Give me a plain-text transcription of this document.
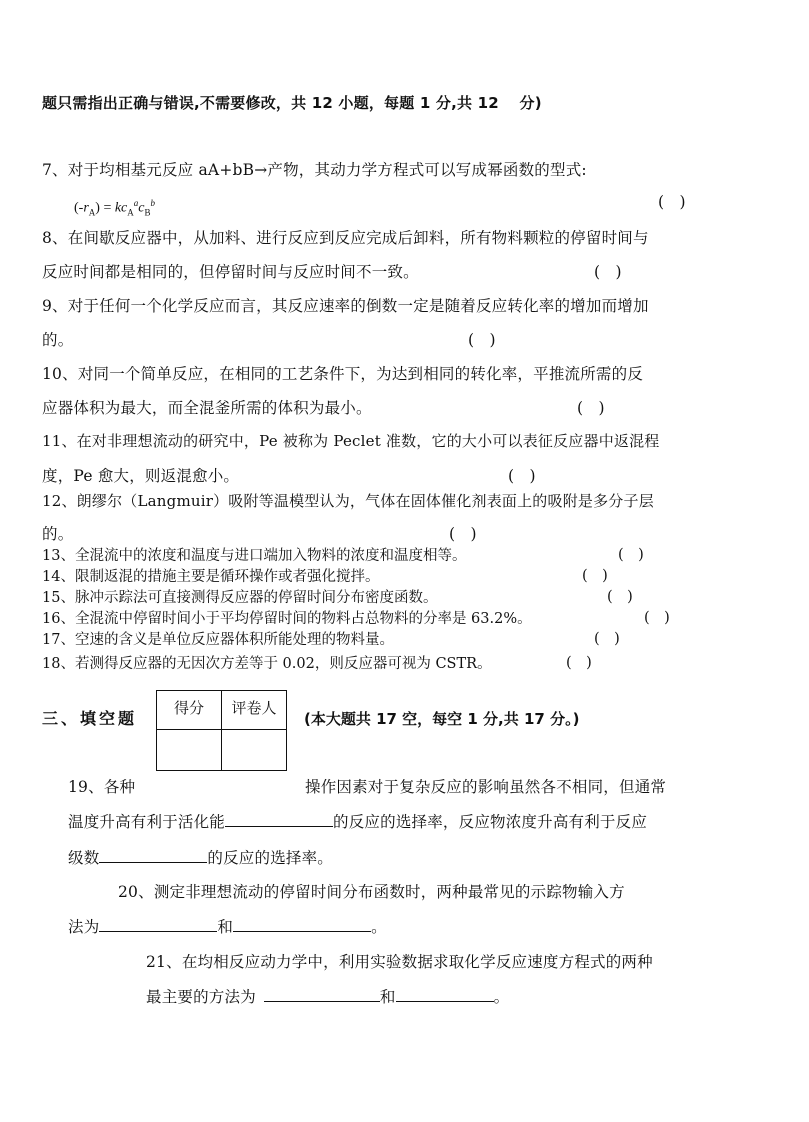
题只需指出正确与错误,不需要修改，共 12 小题，每题 1 分,共 12　 分)
7、对于均相基元反应 aA+bB→产物，其动力学方程式可以写成幂函数的型式:
$(-r_A) = kc_A^ac_B^b$	(　)
8、在间歇反应器中，从加料、进行反应到反应完成后卸料，所有物料颗粒的停留时间与
反应时间都是相同的，但停留时间与反应时间不一致。	(　)
9、对于任何一个化学反应而言，其反应速率的倒数一定是随着反应转化率的增加而增加
的。	(　)
10、对同一个简单反应，在相同的工艺条件下，为达到相同的转化率，平推流所需的反
应器体积为最大，而全混釜所需的体积为最小。	(　)
11、在对非理想流动的研究中，Pe 被称为 Peclet 准数，它的大小可以表征反应器中返混程
度，Pe 愈大，则返混愈小。	(　)
12、朗缪尔（Langmuir）吸附等温模型认为，气体在固体催化剂表面上的吸附是多分子层
的。	(　)
13、全混流中的浓度和温度与进口端加入物料的浓度和温度相等。	(　)
14、限制返混的措施主要是循环操作或者强化搅拌。	(　)
15、脉冲示踪法可直接测得反应器的停留时间分布密度函数。	(　)
16、全混流中停留时间小于平均停留时间的物料占总物料的分率是 63.2%。	(　)
17、空速的含义是单位反应器体积所能处理的物料量。	(　)
18、若测得反应器的无因次方差等于 0.02，则反应器可视为 CSTR。	(　)
三、填空题
得分	评卷人

(本大题共 17 空，每空 1 分,共 17 分。)
19、各种	操作因素对于复杂反应的影响虽然各不相同，但通常
温度升高有利于活化能	的反应的选择率，反应物浓度升高有利于反应
级数	的反应的选择率。
20、测定非理想流动的停留时间分布函数时，两种最常见的示踪物输入方
法为	和	。
21、在均相反应动力学中，利用实验数据求取化学反应速度方程式的两种
最主要的方法为	和	。
